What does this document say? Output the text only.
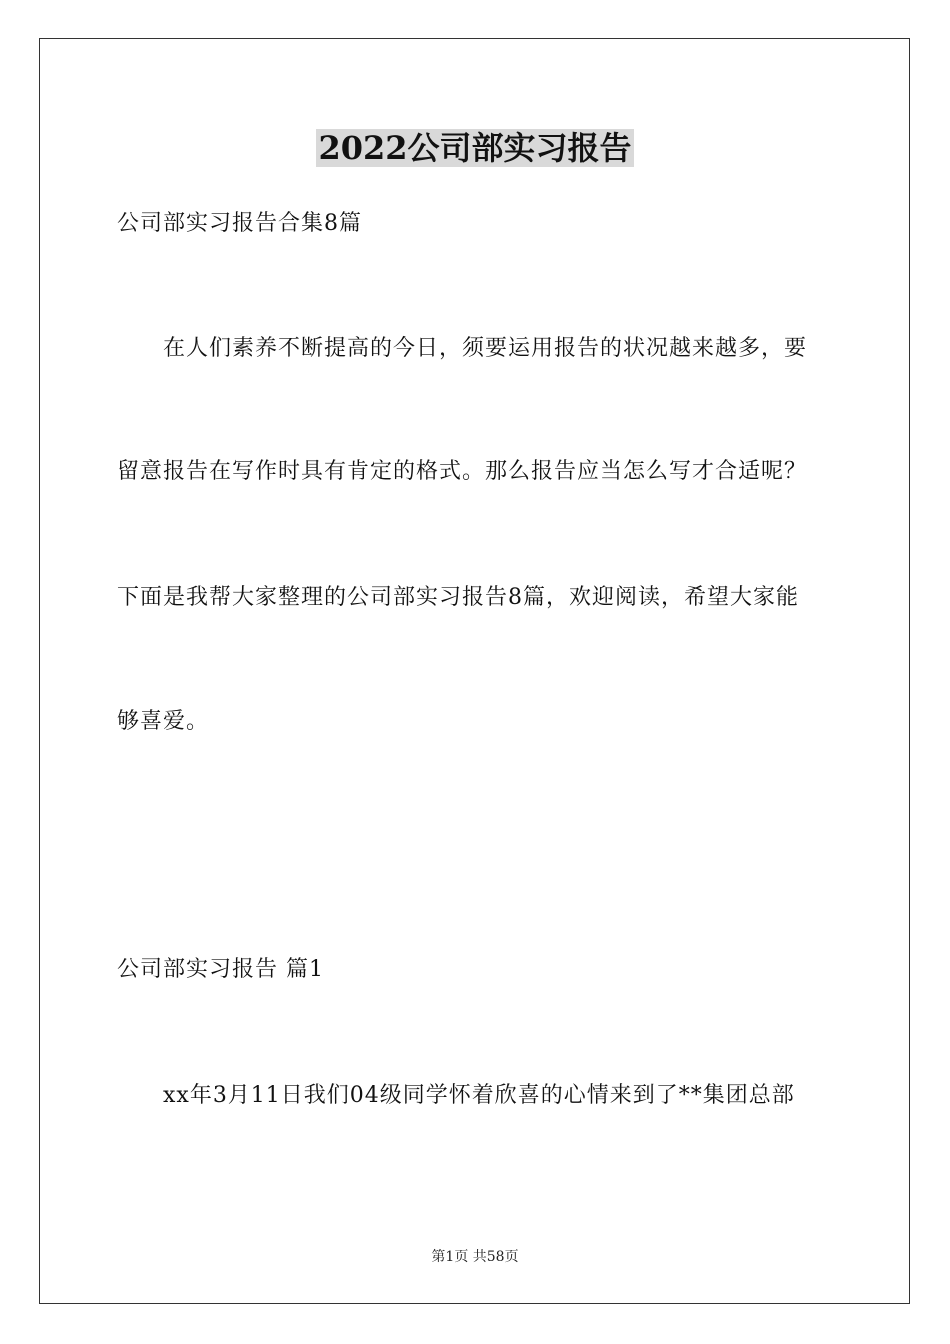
2022公司部实习报告
公司部实习报告合集8篇
在人们素养不断提高的今日，须要运用报告的状况越来越多，要
留意报告在写作时具有肯定的格式。那么报告应当怎么写才合适呢？
下面是我帮大家整理的公司部实习报告8篇，欢迎阅读，希望大家能
够喜爱。
公司部实习报告 篇1
xx年3月11日我们04级同学怀着欣喜的心情来到了**集团总部
第1页 共58页
